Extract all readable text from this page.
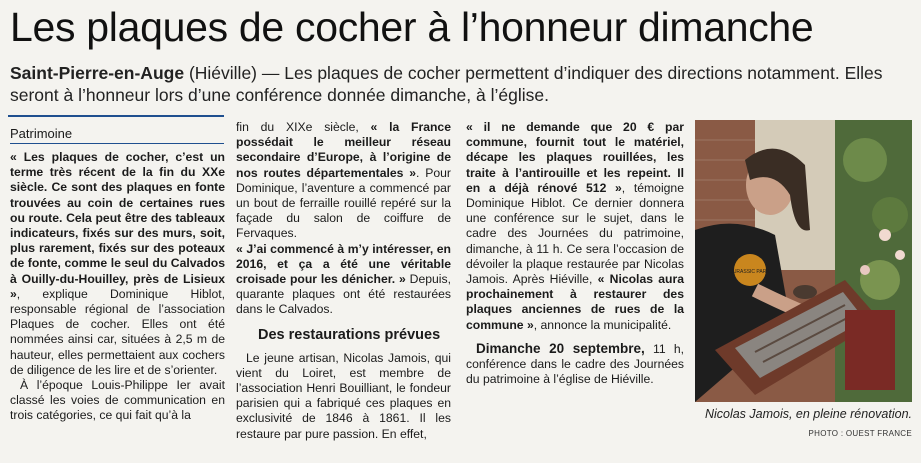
Les plaques de cocher à l’honneur dimanche
Saint-Pierre-en-Auge (Hiéville) — Les plaques de cocher permettent d’indiquer des directions notamment. Elles seront à l’honneur lors d’une conférence donnée dimanche, à l’église.
Patrimoine

« Les plaques de cocher, c’est un terme très récent de la fin du XXe siècle. Ce sont des plaques en fonte trouvées au coin de certaines rues ou route. Cela peut être des tableaux indicateurs, fixés sur des murs, soit, plus rarement, fixés sur des poteaux de fonte, comme le seul du Calvados à Ouilly-du-Houilley, près de Lisieux », explique Dominique Hiblot, responsable régional de l’association Plaques de cocher. Elles ont été nommées ainsi car, situées à 2,5 m de hauteur, elles permettaient aux cochers de diligence de les lire et de s’orienter.

À l’époque Louis-Philippe Ier avait classé les voies de communication en trois catégories, ce qui fait qu’à la

fin du XIXe siècle, « la France possédait le meilleur réseau secondaire d’Europe, à l’origine de nos routes départementales ». Pour Dominique, l’aventure a commencé par un bout de ferraille rouillé repéré sur la façade du salon de coiffure de Fervaques.

« J’ai commencé à m’y intéresser, en 2016, et ça a été une véritable croisade pour les dénicher. » Depuis, quarante plaques ont été restaurées dans le Calvados.

Des restaurations prévues

Le jeune artisan, Nicolas Jamois, qui vient du Loiret, est membre de l’association Henri Bouilliant, le fondeur parisien qui a fabriqué ces plaques en exclusivité de 1846 à 1861. Il les restaure par pure passion. En effet,

« il ne demande que 20 € par commune, fournit tout le matériel, décape les plaques rouillées, les traite à l’antirouille et les repeint. Il en a déjà rénové 512 », témoigne Dominique Hiblot. Ce dernier donnera une conférence sur le sujet, dans le cadre des Journées du patrimoine, dimanche, à 11 h. Ce sera l’occasion de dévoiler la plaque restaurée par Nicolas Jamois. Après Hiéville, « Nicolas aura prochainement à restaurer des plaques anciennes de rues de la commune », annonce la municipalité.

Dimanche 20 septembre, 11 h, conférence dans le cadre des Journées du patrimoine à l’église de Hiéville.

JURASSIC PARK
Nicolas Jamois, en pleine rénovation.
PHOTO : OUEST FRANCE
